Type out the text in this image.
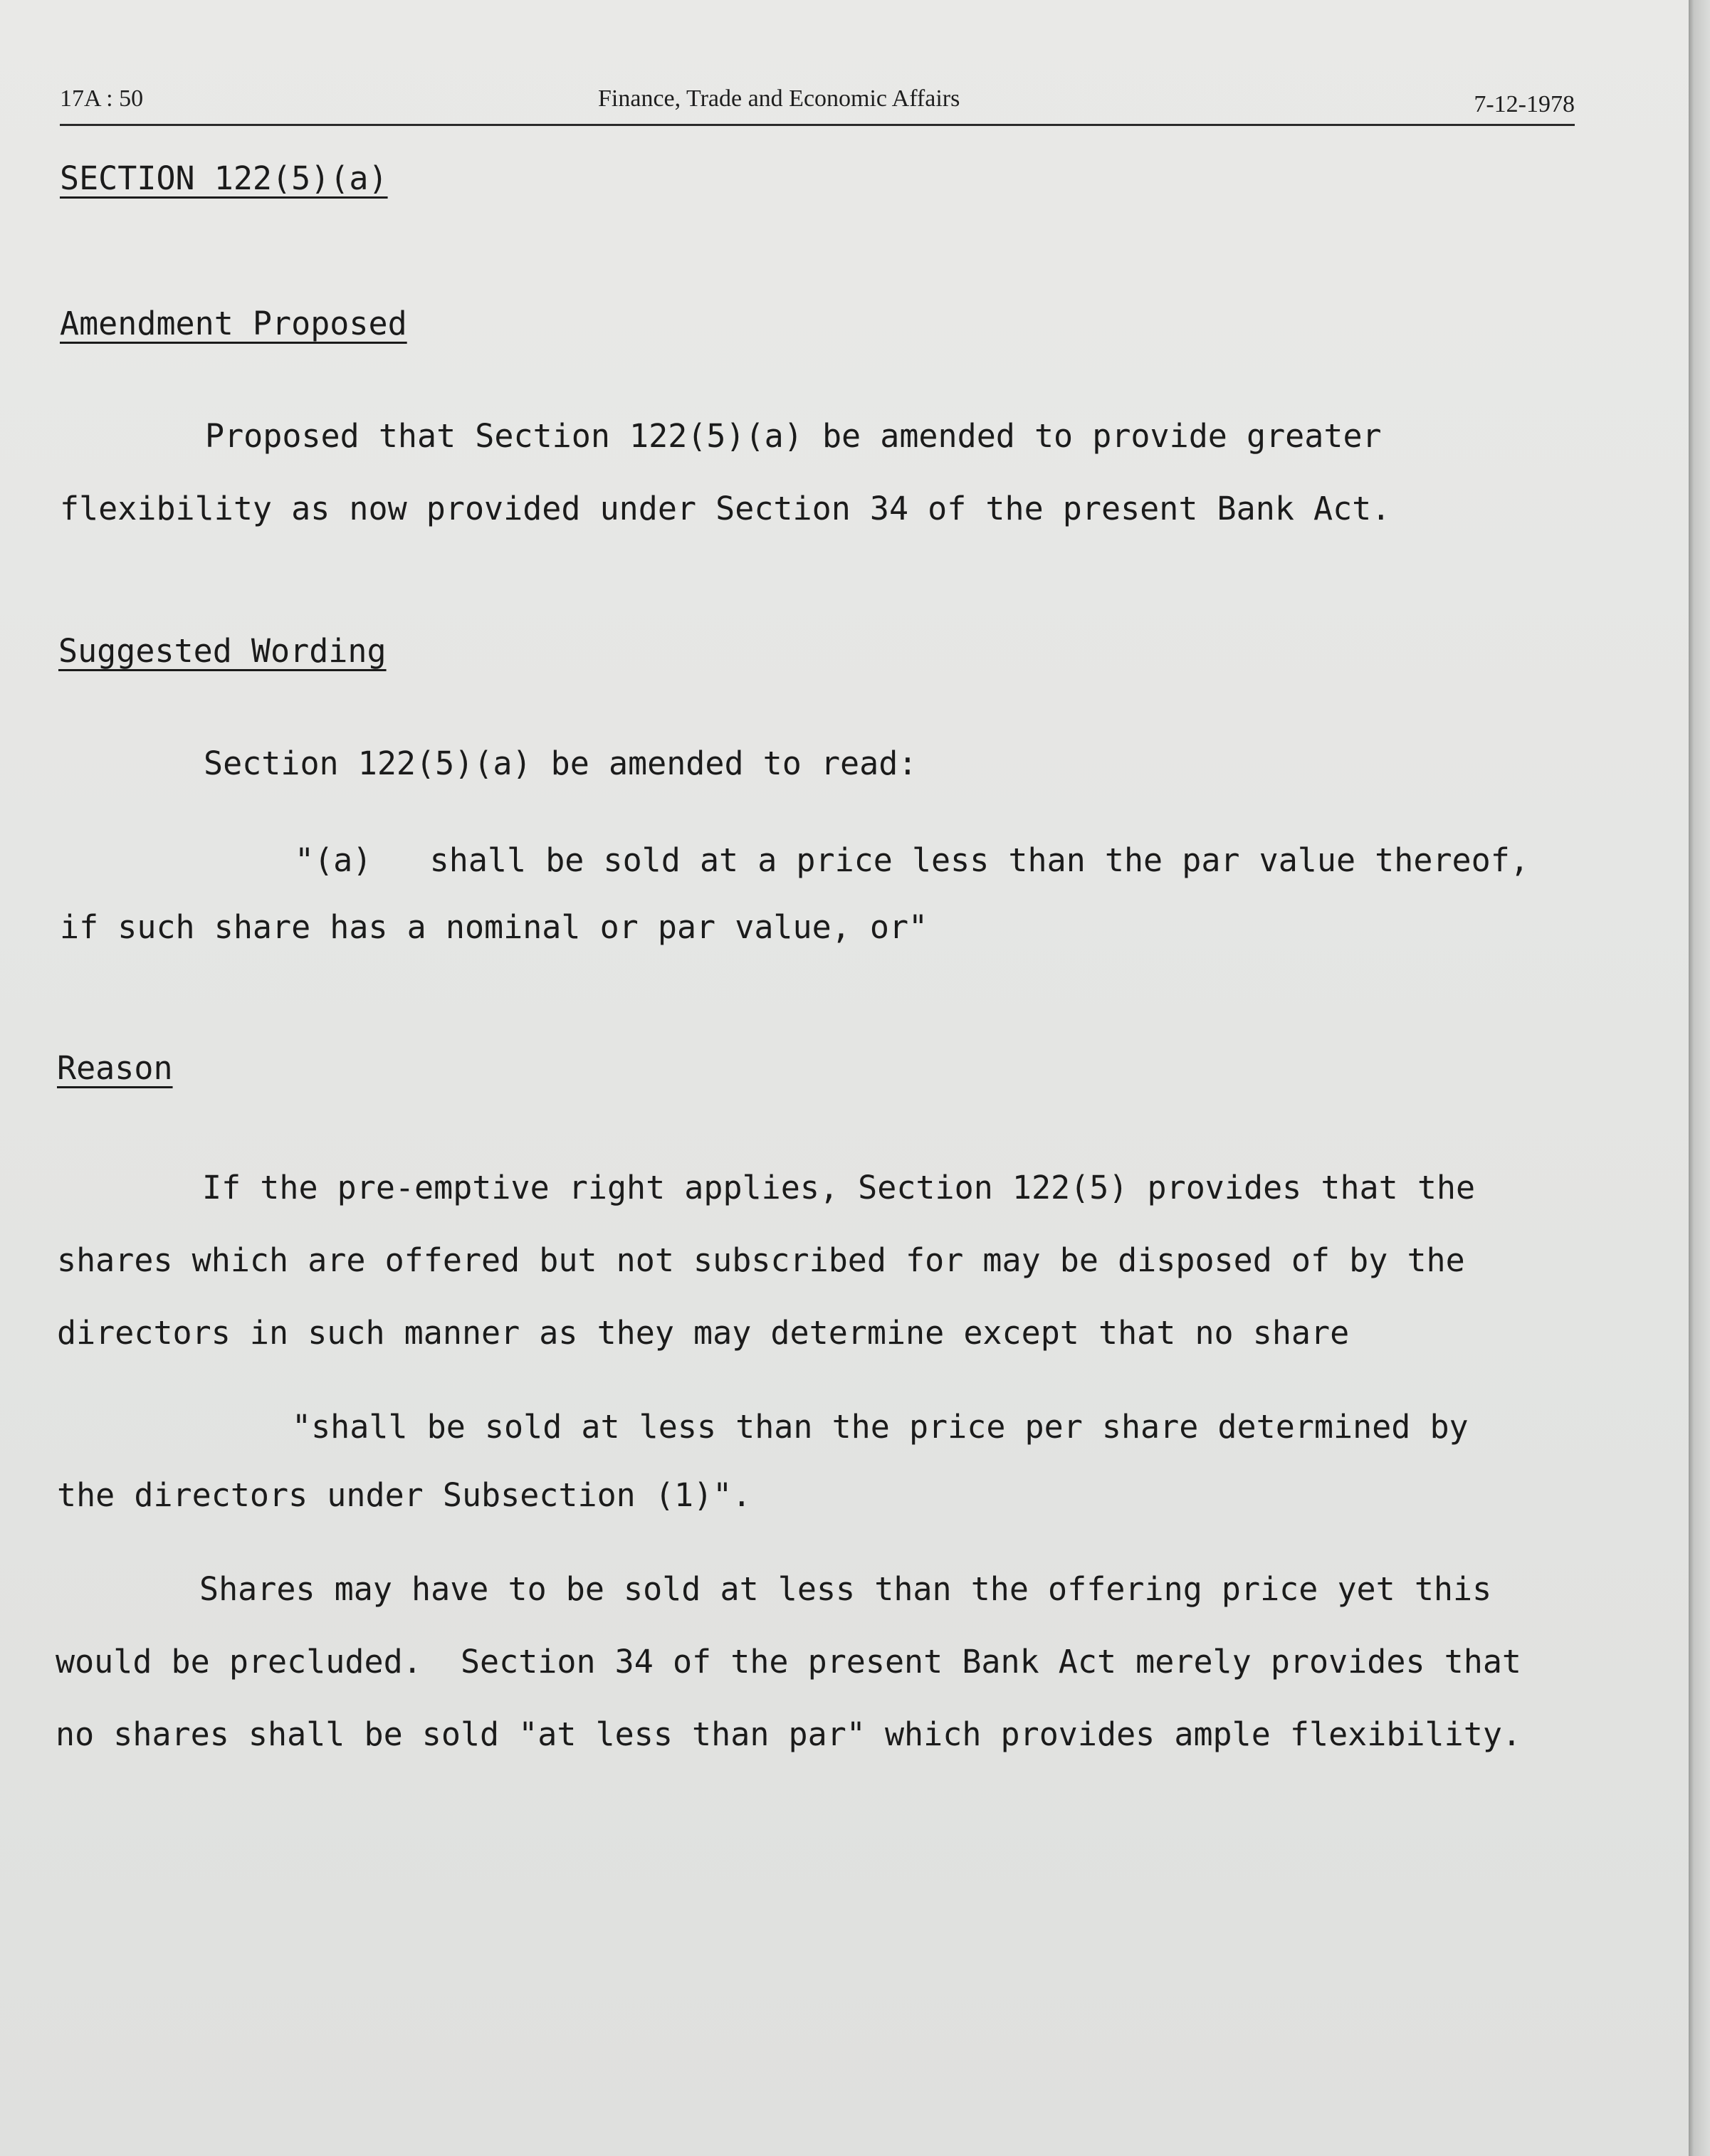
17A : 50	Finance, Trade and Economic Affairs	7-12-1978
SECTION 122(5)(a)
Amendment Proposed
Proposed that Section 122(5)(a) be amended to provide greater
flexibility as now provided under Section 34 of the present Bank Act.
Suggested Wording
Section 122(5)(a) be amended to read:
"(a)   shall be sold at a price less than the par value thereof,
if such share has a nominal or par value, or"
Reason
If the pre-emptive right applies, Section 122(5) provides that the
shares which are offered but not subscribed for may be disposed of by the
directors in such manner as they may determine except that no share
"shall be sold at less than the price per share determined by
the directors under Subsection (1)".
Shares may have to be sold at less than the offering price yet this
would be precluded.  Section 34 of the present Bank Act merely provides that
no shares shall be sold "at less than par" which provides ample flexibility.
